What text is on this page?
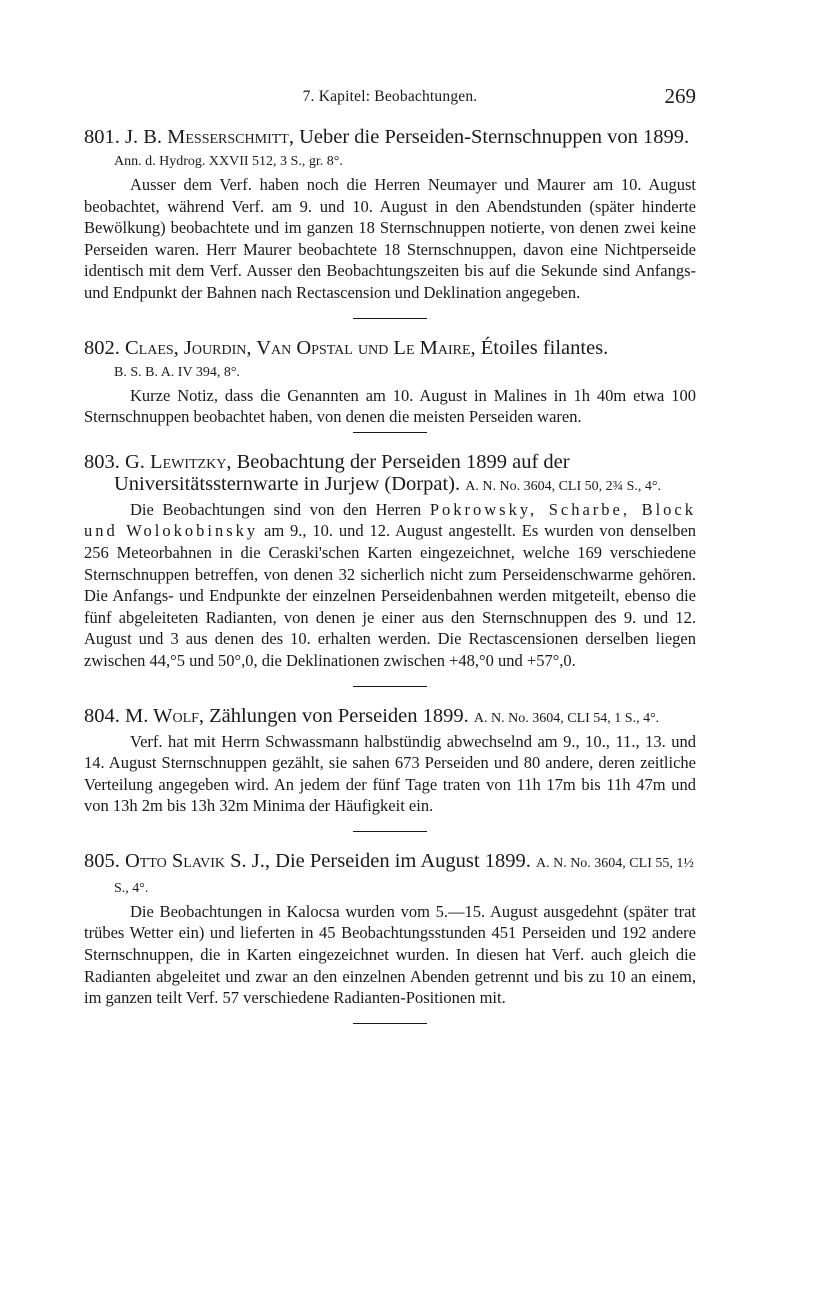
7. Kapitel: Beobachtungen.	269

801. J. B. Messerschmitt, Ueber die Perseiden-Sternschnuppen von 1899. Ann. d. Hydrog. XXVII 512, 3 S., gr. 8°.

Ausser dem Verf. haben noch die Herren Neumayer und Maurer am 10. August beobachtet, während Verf. am 9. und 10. August in den Abendstunden (später hinderte Bewölkung) beobachtete und im ganzen 18 Sternschnuppen notierte, von denen zwei keine Perseiden waren. Herr Maurer beobachtete 18 Sternschnuppen, davon eine Nichtperseide identisch mit dem Verf. Ausser den Beobachtungszeiten bis auf die Sekunde sind Anfangs- und Endpunkt der Bahnen nach Rectascension und Deklination angegeben.

802. Claes, Jourdin, Van Opstal und Le Maire, Étoiles filantes.
B. S. B. A. IV 394, 8°.

Kurze Notiz, dass die Genannten am 10. August in Malines in 1h 40m etwa 100 Sternschnuppen beobachtet haben, von denen die meisten Perseiden waren.

803. G. Lewitzky, Beobachtung der Perseiden 1899 auf der Universitätssternwarte in Jurjew (Dorpat). A. N. No. 3604, CLI 50, 2¾ S., 4°.

Die Beobachtungen sind von den Herren Pokrowsky, Scharbe, Block und Wolokobinsky am 9., 10. und 12. August angestellt. Es wurden von denselben 256 Meteorbahnen in die Ceraski'schen Karten eingezeichnet, welche 169 verschiedene Sternschnuppen betreffen, von denen 32 sicherlich nicht zum Perseidenschwarme gehören. Die Anfangs- und Endpunkte der einzelnen Perseidenbahnen werden mitgeteilt, ebenso die fünf abgeleiteten Radianten, von denen je einer aus den Sternschnuppen des 9. und 12. August und 3 aus denen des 10. erhalten werden. Die Rectascensionen derselben liegen zwischen 44,°5 und 50°,0, die Deklinationen zwischen +48,°0 und +57°,0.

804. M. Wolf, Zählungen von Perseiden 1899. A. N. No. 3604, CLI 54, 1 S., 4°.

Verf. hat mit Herrn Schwassmann halbstündig abwechselnd am 9., 10., 11., 13. und 14. August Sternschnuppen gezählt, sie sahen 673 Perseiden und 80 andere, deren zeitliche Verteilung angegeben wird. An jedem der fünf Tage traten von 11h 17m bis 11h 47m und von 13h 2m bis 13h 32m Minima der Häufigkeit ein.

805. Otto Slavik S. J., Die Perseiden im August 1899. A. N. No. 3604, CLI 55, 1½ S., 4°.

Die Beobachtungen in Kalocsa wurden vom 5.—15. August ausgedehnt (später trat trübes Wetter ein) und lieferten in 45 Beobachtungsstunden 451 Perseiden und 192 andere Sternschnuppen, die in Karten eingezeichnet wurden. In diesen hat Verf. auch gleich die Radianten abgeleitet und zwar an den einzelnen Abenden getrennt und bis zu 10 an einem, im ganzen teilt Verf. 57 verschiedene Radianten-Positionen mit.
